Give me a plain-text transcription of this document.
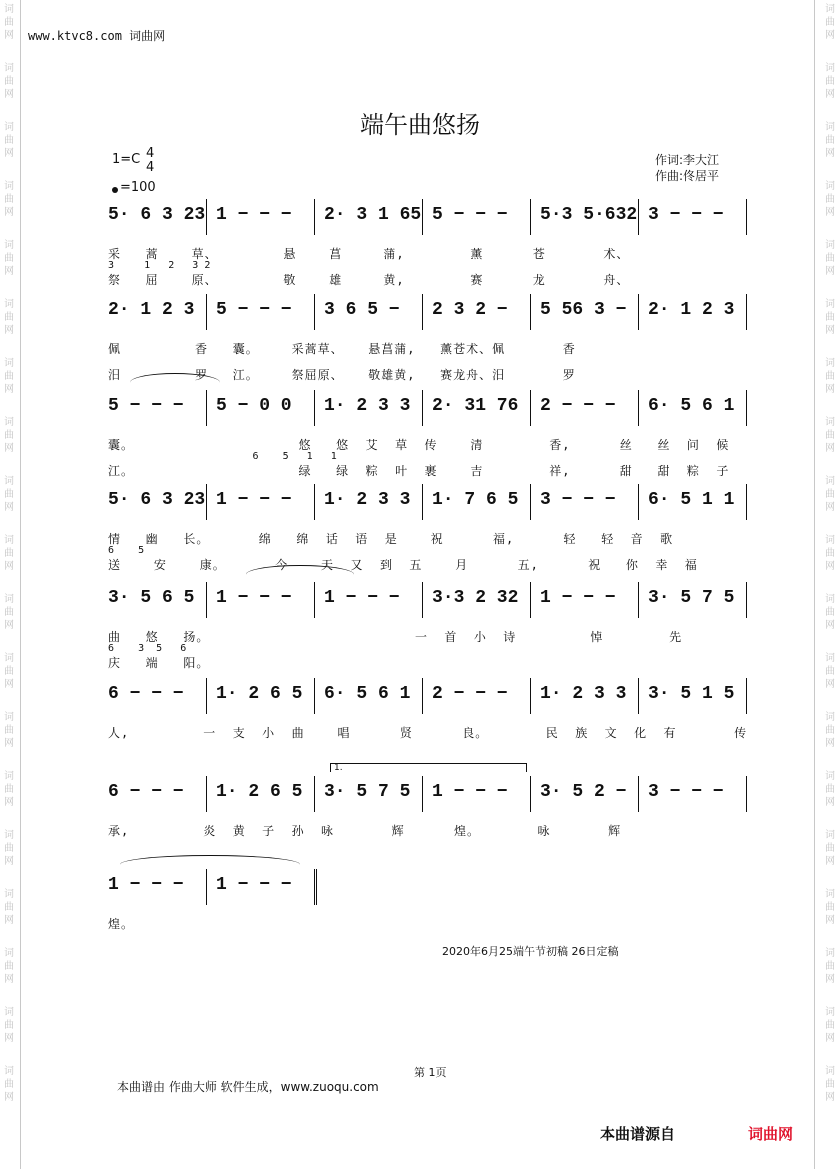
词
曲
网
词
曲
网
词
曲
网
词
曲
网
词
曲
网
词
曲
网
词
曲
网
词
曲
网
词
曲
网
词
曲
网
词
曲
网
词
曲
网
词
曲
网
词
曲
网
词
曲
网
词
曲
网
词
曲
网
词
曲
网
词
曲
网
词
曲
网
词
曲
网
词
曲
网
词
曲
网
词
曲
网
词
曲
网
词
曲
网
词
曲
网
词
曲
网
词
曲
网
词
曲
网
词
曲
网
词
曲
网
词
曲
网
词
曲
网
词
曲
网
词
曲
网
词
曲
网
词
曲
网
www.ktvc8.com 词曲网
端午曲悠扬
1=C 4
4
=100
作词:李大江
作曲:佟居平
5· 6 3 23 1 − − −	2· 3 1 65 5 − − −	5·3 5·632 3 − − −
采   蒿    草、        悬    菖     蒲,        薰      苍       术、
3     1   2   3 2
祭   屈    原、        敬    雄     黄,        赛      龙       舟、
2· 1 2 3	5 − − −	3 6 5 −	2 3 2 −	5 56 3 −	2· 1 2 3
佩         香   囊。    采蒿草、   悬菖蒲,   薰苍术、佩       香
汨         罗   江。    祭屈原、   敬雄黄,   赛龙舟、汨       罗
5 − − −	5 − 0 0	1· 2 3 3	2· 31 76	2 − − −	6· 5 6 1
囊。                    悠   悠  艾  草  传    清        香,      丝   丝  问  候
6    5   1   1
江。                    绿   绿  粽  叶  裹    吉        祥,      甜   甜  粽  子
5· 6 3 23 1 − − −	1· 2 3 3	1· 7 6 5	3 − − −	6· 5 1 1
情   幽   长。      绵   绵  话  语  是    祝      福,      轻   轻  音  歌
6    5
送    安    康。      今    天  又  到  五    月      五,      祝   你  幸  福
3· 5 6 5	1 − − −	1 − − −	3·3 2 32	1 − − −	3· 5 7 5
曲   悠   扬。                         一  首  小  诗         悼        先
6    3  5   6
庆   端   阳。
6 − − −	1· 2 6 5	6· 5 6 1	2 − − −	1· 2 3 3	3· 5 1 5
人,         一  支  小  曲    唱      贤      良。       民  族  文  化  有       传
6 − − −	1· 2 6 5	3· 5 7 5	1 − − −	3· 5 2 −	3 − − −
承,         炎  黄  子  孙  咏       辉      煌。       咏       辉
1 − − −	1 − − −
煌。
1.
2020年6月25端午节初稿 26日定稿
第 1页
本曲谱由 作曲大师 软件生成，www.zuoqu.com
本曲谱源自	词曲网
